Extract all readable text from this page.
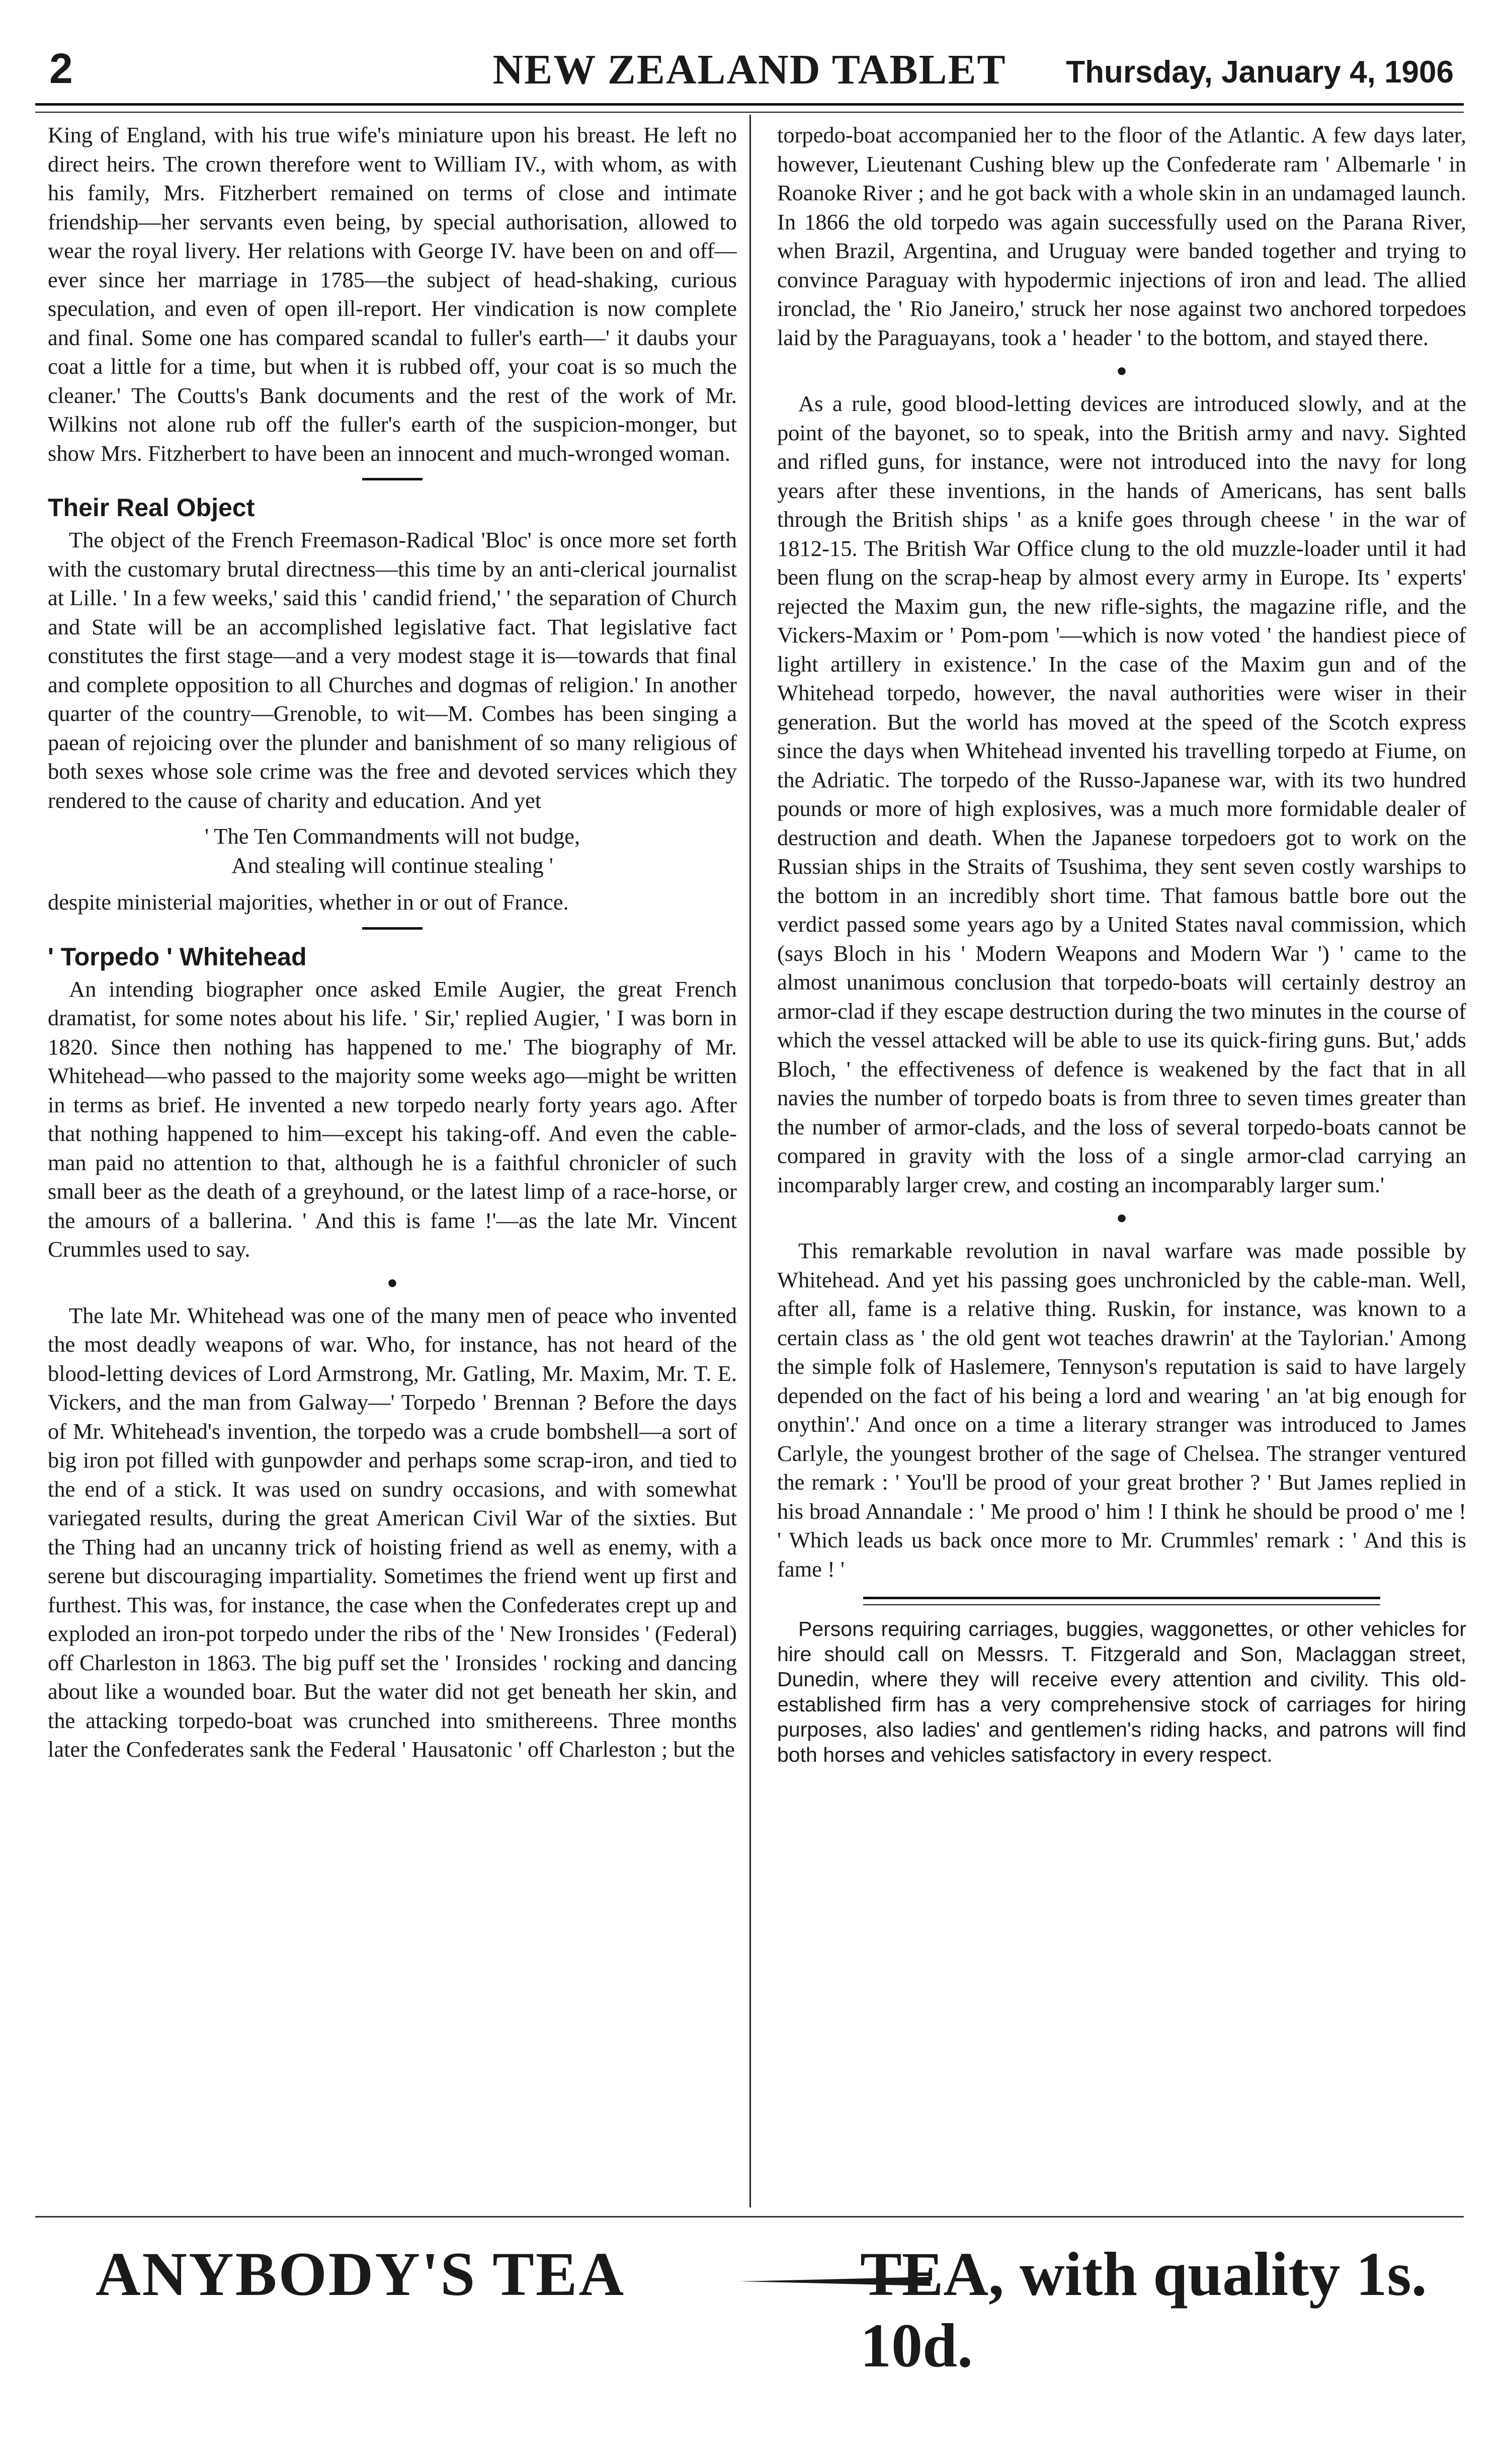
2	NEW ZEALAND TABLET	Thursday, January 4, 1906

King of England, with his true wife's miniature upon his breast. He left no direct heirs. The crown therefore went to William IV., with whom, as with his family, Mrs. Fitzherbert remained on terms of close and intimate friendship—her servants even being, by special authorisation, allowed to wear the royal livery. Her relations with George IV. have been on and off—ever since her marriage in 1785—the subject of head-shaking, curious speculation, and even of open ill-report. Her vindication is now complete and final. Some one has compared scandal to fuller's earth—' it daubs your coat a little for a time, but when it is rubbed off, your coat is so much the cleaner.' The Coutts's Bank documents and the rest of the work of Mr. Wilkins not alone rub off the fuller's earth of the suspicion-monger, but show Mrs. Fitzherbert to have been an innocent and much-wronged woman.

Their Real Object

The object of the French Freemason-Radical 'Bloc' is once more set forth with the customary brutal directness—this time by an anti-clerical journalist at Lille. ' In a few weeks,' said this ' candid friend,' ' the separation of Church and State will be an accomplished legislative fact. That legislative fact constitutes the first stage—and a very modest stage it is—towards that final and complete opposition to all Churches and dogmas of religion.' In another quarter of the country—Grenoble, to wit—M. Combes has been singing a paean of rejoicing over the plunder and banishment of so many religious of both sexes whose sole crime was the free and devoted services which they rendered to the cause of charity and education. And yet

' The Ten Commandments will not budge,
And stealing will continue stealing '

despite ministerial majorities, whether in or out of France.

' Torpedo ' Whitehead

An intending biographer once asked Emile Augier, the great French dramatist, for some notes about his life. ' Sir,' replied Augier, ' I was born in 1820. Since then nothing has happened to me.' The biography of Mr. Whitehead—who passed to the majority some weeks ago—might be written in terms as brief. He invented a new torpedo nearly forty years ago. After that nothing happened to him—except his taking-off. And even the cable-man paid no attention to that, although he is a faithful chronicler of such small beer as the death of a greyhound, or the latest limp of a race-horse, or the amours of a ballerina. ' And this is fame !'—as the late Mr. Vincent Crummles used to say.

●

The late Mr. Whitehead was one of the many men of peace who invented the most deadly weapons of war. Who, for instance, has not heard of the blood-letting devices of Lord Armstrong, Mr. Gatling, Mr. Maxim, Mr. T. E. Vickers, and the man from Galway—' Torpedo ' Brennan ? Before the days of Mr. Whitehead's invention, the torpedo was a crude bombshell—a sort of big iron pot filled with gunpowder and perhaps some scrap-iron, and tied to the end of a stick. It was used on sundry occasions, and with somewhat variegated results, during the great American Civil War of the sixties. But the Thing had an uncanny trick of hoisting friend as well as enemy, with a serene but discouraging impartiality. Sometimes the friend went up first and furthest. This was, for instance, the case when the Confederates crept up and exploded an iron-pot torpedo under the ribs of the ' New Ironsides ' (Federal) off Charleston in 1863. The big puff set the ' Ironsides ' rocking and dancing about like a wounded boar. But the water did not get beneath her skin, and the attacking torpedo-boat was crunched into smithereens. Three months later the Confederates sank the Federal ' Hausatonic ' off Charleston ; but the

torpedo-boat accompanied her to the floor of the Atlantic. A few days later, however, Lieutenant Cushing blew up the Confederate ram ' Albemarle ' in Roanoke River ; and he got back with a whole skin in an undamaged launch. In 1866 the old torpedo was again successfully used on the Parana River, when Brazil, Argentina, and Uruguay were banded together and trying to convince Paraguay with hypodermic injections of iron and lead. The allied ironclad, the ' Rio Janeiro,' struck her nose against two anchored torpedoes laid by the Paraguayans, took a ' header ' to the bottom, and stayed there.

●

As a rule, good blood-letting devices are introduced slowly, and at the point of the bayonet, so to speak, into the British army and navy. Sighted and rifled guns, for instance, were not introduced into the navy for long years after these inventions, in the hands of Americans, has sent balls through the British ships ' as a knife goes through cheese ' in the war of 1812-15. The British War Office clung to the old muzzle-loader until it had been flung on the scrap-heap by almost every army in Europe. Its ' experts' rejected the Maxim gun, the new rifle-sights, the magazine rifle, and the Vickers-Maxim or ' Pom-pom '—which is now voted ' the handiest piece of light artillery in existence.' In the case of the Maxim gun and of the Whitehead torpedo, however, the naval authorities were wiser in their generation. But the world has moved at the speed of the Scotch express since the days when Whitehead invented his travelling torpedo at Fiume, on the Adriatic. The torpedo of the Russo-Japanese war, with its two hundred pounds or more of high explosives, was a much more formidable dealer of destruction and death. When the Japanese torpedoers got to work on the Russian ships in the Straits of Tsushima, they sent seven costly warships to the bottom in an incredibly short time. That famous battle bore out the verdict passed some years ago by a United States naval commission, which (says Bloch in his ' Modern Weapons and Modern War ') ' came to the almost unanimous conclusion that torpedo-boats will certainly destroy an armor-clad if they escape destruction during the two minutes in the course of which the vessel attacked will be able to use its quick-firing guns. But,' adds Bloch, ' the effectiveness of defence is weakened by the fact that in all navies the number of torpedo boats is from three to seven times greater than the number of armor-clads, and the loss of several torpedo-boats cannot be compared in gravity with the loss of a single armor-clad carrying an incomparably larger crew, and costing an incomparably larger sum.'

●

This remarkable revolution in naval warfare was made possible by Whitehead. And yet his passing goes unchronicled by the cable-man. Well, after all, fame is a relative thing. Ruskin, for instance, was known to a certain class as ' the old gent wot teaches drawrin' at the Taylorian.' Among the simple folk of Haslemere, Tennyson's reputation is said to have largely depended on the fact of his being a lord and wearing ' an 'at big enough for onythin'.' And once on a time a literary stranger was introduced to James Carlyle, the youngest brother of the sage of Chelsea. The stranger ventured the remark : ' You'll be prood of your great brother ? ' But James replied in his broad Annandale : ' Me prood o' him ! I think he should be prood o' me ! ' Which leads us back once more to Mr. Crummles' remark : ' And this is fame ! '

Persons requiring carriages, buggies, waggonettes, or other vehicles for hire should call on Messrs. T. Fitzgerald and Son, Maclaggan street, Dunedin, where they will receive every attention and civility. This old-established firm has a very comprehensive stock of carriages for hiring purposes, also ladies' and gentlemen's riding hacks, and patrons will find both horses and vehicles satisfactory in every respect.

ANYBODY'S TEA	TEA, with quality 1s. 10d.
